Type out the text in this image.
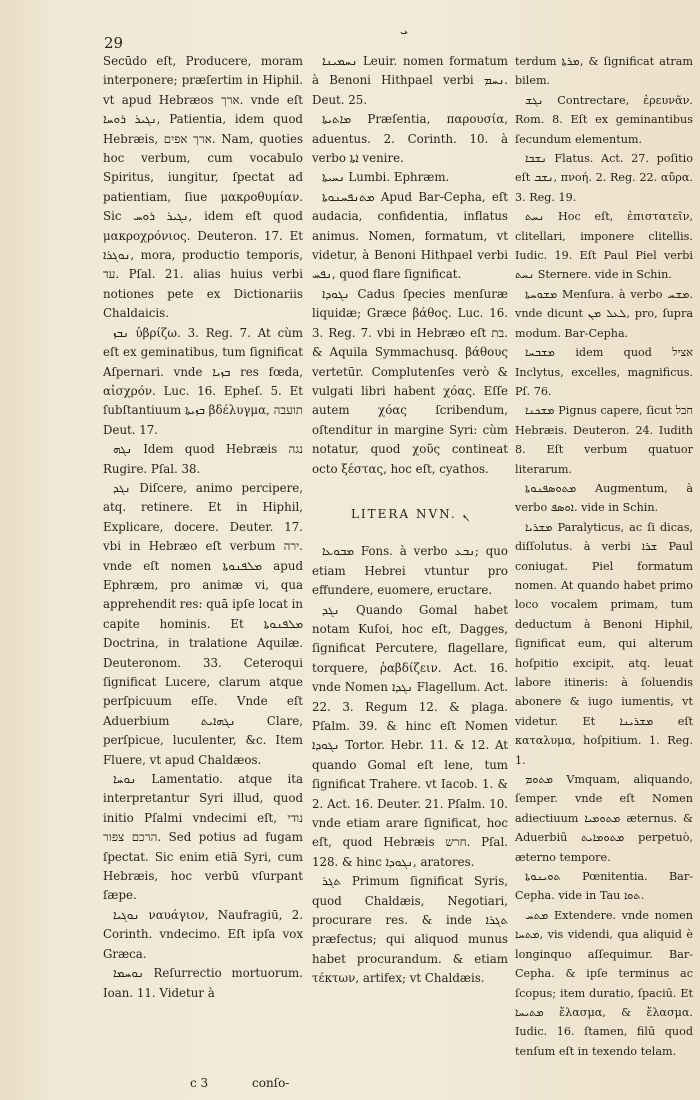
29
ܝ

Secūdo eſt, Producere, moram interponere; præſertim in Hiphil. vt apud Hebræos ארך. vnde eſt ܢܓܝܪ ܪܘܚܐ, Patientia, idem quod Hebræis, ארך אפים. Nam, quoties hoc verbum, cum vocabulo Spiritus, iungitur, ſpectat ad patientiam, ſiue μακροθυμίαν. Sic ܢܓܝܪ ܪܘܚ, idem eſt quod μακροχρόνιος. Deuteron. 17. Et ܢܘܓܪܐ, mora, productio temporis, עד. Pſal. 21. alias huius verbi notiones pete ex Dictionariis Chaldaicis.

ܢܒܙ ὑβρίζω. 3. Reg. 7. At cùm eſt ex geminatibus, tum ſignificat Aſpernari. vnde ܒܙܝܐ res fœda, αἰσχρόν. Luc. 16. Epheſ. 5. Et ſubſtantiuum ܒܙܝܬܐ βδέλυγμα, תועבה Deut. 17.

ܢܓܗ Idem quod Hebræis נגה Rugire. Pſal. 38.

ܢܓܕ Diſcere, animo percipere, atq. retinere. Et in Hiphil, Explicare, docere. Deuter. 17. vbi in Hebræo eſt verbum ירה. vnde eſt nomen ܡܠܦܢܘܬܐ apud Ephræm, pro animæ vi, qua apprehendit res: quā ipſe locat in capite hominis. Et ܡܠܦܢܘܬܐ Doctrina, in tralatione Aquilæ. Deuteronom. 33. Ceteroqui ſignificat Lucere, clarum atque perſpicuum eſſe. Vnde eſt Aduerbium ܢܓܗܐܝܬ Clare, perſpicue, luculenter, &c. Item Fluere, vt apud Chaldæos.

ܢܘܚܐ Lamentatio. atque ita interpretantur Syri illud, quod initio Pſalmi vndecimi eſt, נודי הרכם צפור. Sed potius ad fugam ſpectat. Sic enim etiā Syri, cum Hebræis, hoc verbū vſurpant ſæpe.

ܢܘܓܝܐ ναυάγιον, Naufragiū, 2. Corinth. vndecimo. Eſt ipſa vox Græca.

ܢܘܚܡܐ Reſurrectio mortuorum. Ioan. 11. Videtur à

ܢܚܡܝܢܐ Leuir. nomen formatum à Benoni Hithpael verbi ܢܚܡ. Deut. 25.

ܡܐܬܝܬܐ Præſentia, παρουσία, aduentus. 2. Corinth. 10. à verbo ܐܬܐ venire.

ܢܚܝܬܐ Lumbi. Ephræm.

ܡܬܢܦܚܢܘܬܐ Apud Bar-Cepha, eſt audacia, confidentia, inflatus animus. Nomen, formatum, vt videtur, à Benoni Hithpael verbi ܢܦܚ, quod flare ſignificat.

ܢܓܘܕܐ Cadus ſpecies menſuræ liquidæ; Græce βάθος. Luc. 16. 3. Reg. 7. vbi in Hebræo eſt בת. & Aquila Symmachusq. βάθους vertetūr. Complutenſes verò & vulgati libri habent χόας. Eſſe autem χόας ſcribendum, oſtenditur in margine Syri: cùm notatur, quod χοῦς contineat octo ξέστας, hoc eſt, cyathos.

LITERA NVN. ܢ

ܡܒܘܥܐ Fons. à verbo ܢܒܥ; quo etiam Hebrei vtuntur pro effundere, euomere, eructare.

ܢܓܕ Quando Gomal habet notam Kuſoi, hoc eſt, Dagges, ſignificat Percutere, flagellare, torquere, ῥαβδίζειν. Act. 16. vnde Nomen ܢܓܕܐ Flagellum. Act. 22. 3. Regum 12. & plaga. Pſalm. 39. & hinc eſt Nomen ܢܓܘܕܐ Tortor. Hebr. 11. & 12. At quando Gomal eſt lene, tum ſignificat Trahere. vt Iacob. 1. & 2. Act. 16. Deuter. 21. Pſalm. 10. vnde etiam arare ſignificat, hoc eſt, quod Hebræis חרש. Pſal. 128. & hinc ܢܓܘܕܐ, aratores.

ܬܓܪ Primum ſignificat Syris, quod Chaldæis, Negotiari, procurare res. & inde ܬܓܪܐ præfectus; qui aliquod munus habet procurandum. & etiam τέκτων, artifex; vt Chaldæis.

terdum ܡܪܬܐ, & ſignificat atram bilem.

ܢܓܫ Contrectare, ἐρευνᾶν. Rom. 8. Eſt ex geminantibus ſecundum elementum.

ܢܫܒܐ Flatus. Act. 27. poſitio eſt ܢܫܒ, πνοή. 2. Reg. 22. αὔρα. 3. Reg. 19.

ܢܚܬ Hoc eſt, ἐπιστατεῖν, clitellari, imponere clitellis. Iudic. 19. Eſt Paul Piel verbi ܢܚܬ Sternere. vide in Schin.

ܡܫܘܚܬܐ Menſura. à verbo ܡܫܚ. vnde dicunt ܠܥܠ ܡܢ, pro, ſupra modum. Bar-Cepha.

ܡܫܒܚܐ idem quod אציל Inclytus, excelles, magnificus. Pſ. 76.

ܡܫܟܢܐ Pignus capere, ſicut חבל Hebræis. Deuteron. 24. Iudith 8. Eſt verbum quatuor literarum.

ܡܬܘܣܦܢܘܬܐ Augmentum, à verbo ܐܘܣܦ. vide in Schin.

ܡܫܪܝܐ Paralyticus, ac ſi dicas, diſſolutus. à verbi ܫܪܐ Paul coniugat. Piel formatum nomen. At quando habet primo loco vocalem primam, tum deductum à Benoni Hiphil, ſignificat eum, qui alterum hoſpitio excipit, atq. leuat labore itineris: à ſoluendis abonere & iugo iumentis, vt videtur. Et ܡܫܪܝܢܐ eſt καταλυμα, hoſpitium. 1. Reg. 1.

ܡܬܘܡ Vmquam, aliquando, ſemper. vnde eſt Nomen adiectiuum ܡܬܘܡܝܐ æternus. & Aduerbiū ܡܬܘܡܐܝܬ perpetuò, æterno tempore.

ܬܘܝܢܘܬܐ Pœnitentia. Bar-Cepha. vide in Tau ܬܘܐ.

ܡܬܚ Extendere. vnde nomen ܡܬܚܐ, vis videndi, qua aliquid è longinquo aſſequimur. Bar-Cepha. & ipſe terminus ac ſcopus; item duratio, ſpaciū. Et ܡܬܝܚܐ ἔλασμα, & ἔλασμα. Iudic. 16. ſtamen, filū quod tenſum eſt in texendo telam.

c 3	conſo-
